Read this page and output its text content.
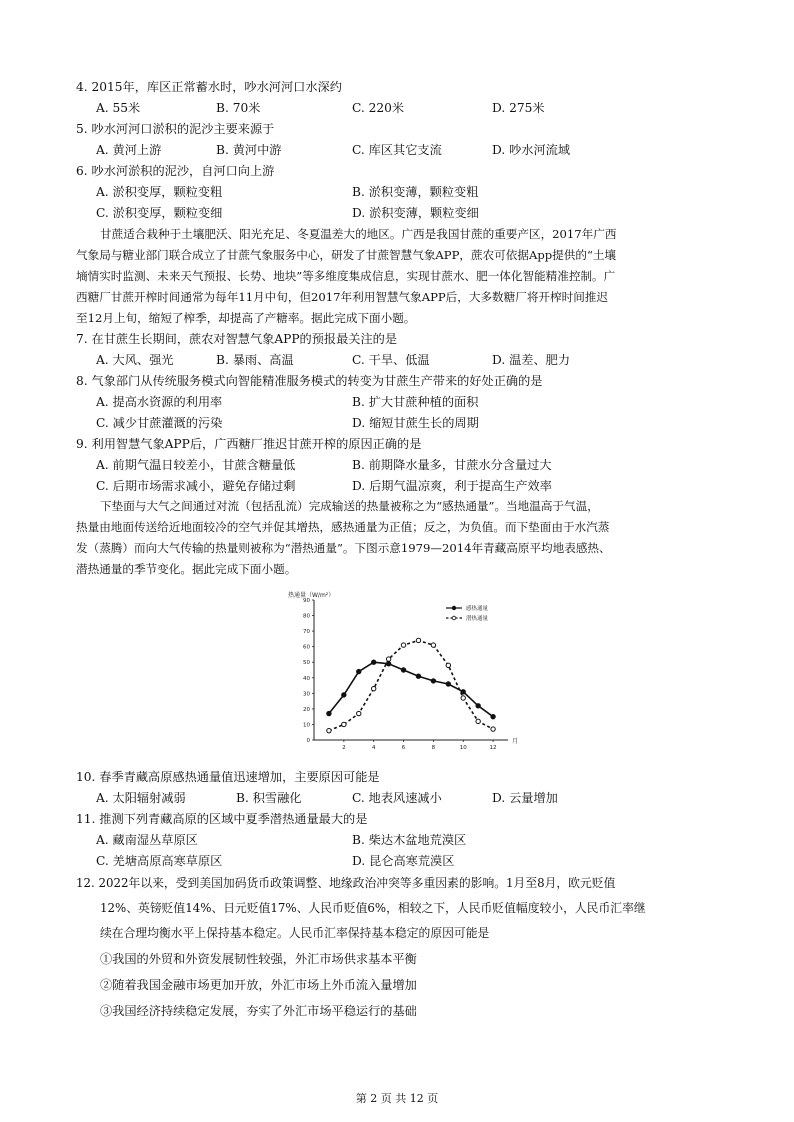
4. 2015年，库区正常蓄水时，吵水河河口水深约
A. 55米	B. 70米	C. 220米	D. 275米
5. 吵水河河口淤积的泥沙主要来源于
A. 黄河上游	B. 黄河中游	C. 库区其它支流	D. 吵水河流域
6. 吵水河淤积的泥沙，自河口向上游
A. 淤积变厚，颗粒变粗	B. 淤积变薄，颗粒变粗
C. 淤积变厚，颗粒变细	D. 淤积变薄，颗粒变细

甘蔗适合栽种于土壤肥沃、阳光充足、冬夏温差大的地区。广西是我国甘蔗的重要产区，2017年广西

气象局与糖业部门联合成立了甘蔗气象服务中心，研发了甘蔗智慧气象APP，蔗农可依据App提供的“土壤

墒情实时监测、未来天气预报、长势、地块”等多维度集成信息，实现甘蔗水、肥一体化智能精准控制。广

西糖厂甘蔗开榨时间通常为每年11月中旬，但2017年利用智慧气象APP后，大多数糖厂将开榨时间推迟

至12月上旬，缩短了榨季，却提高了产糖率。据此完成下面小题。

7. 在甘蔗生长期间，蔗农对智慧气象APP的预报最关注的是
A. 大风、强光	B. 暴雨、高温	C. 干旱、低温	D. 温差、肥力
8. 气象部门从传统服务模式向智能精准服务模式的转变为甘蔗生产带来的好处正确的是
A. 提高水资源的利用率	B. 扩大甘蔗种植的面积
C. 减少甘蔗灌溉的污染	D. 缩短甘蔗生长的周期
9. 利用智慧气象APP后，广西糖厂推迟甘蔗开榨的原因正确的是
A. 前期气温日较差小，甘蔗含糖量低	B. 前期降水量多，甘蔗水分含量过大
C. 后期市场需求减小，避免存储过剩	D. 后期气温凉爽，利于提高生产效率

下垫面与大气之间通过对流（包括乱流）完成输送的热量被称之为“感热通量”。当地温高于气温，

热量由地面传送给近地面较冷的空气并促其增热，感热通量为正值；反之，为负值。而下垫面由于水汽蒸

发（蒸腾）而向大气传输的热量则被称为“潜热通量”。下图示意1979—2014年青藏高原平均地表感热、

潜热通量的季节变化。据此完成下面小题。

热通量（W/m²）
月
0
10
20
30
40
50
60
70
80
90
2	4	6	8	10	12
感热通量
潜热通量
10. 春季青藏高原感热通量值迅速增加，主要原因可能是
A. 太阳辐射减弱	B. 积雪融化	C. 地表风速减小	D. 云量增加
11. 推测下列青藏高原的区域中夏季潜热通量最大的是
A. 藏南湿丛草原区	B. 柴达木盆地荒漠区
C. 羌塘高原高寒草原区	D. 昆仑高寒荒漠区
12. 2022年以来，受到美国加码货币政策调整、地缘政治冲突等多重因素的影响。1月至8月，欧元贬值
12%、英镑贬值14%、日元贬值17%、人民币贬值6%，相较之下，人民币贬值幅度较小，人民币汇率继
续在合理均衡水平上保持基本稳定。人民币汇率保持基本稳定的原因可能是
①我国的外贸和外资发展韧性较强，外汇市场供求基本平衡
②随着我国金融市场更加开放，外汇市场上外币流入量增加
③我国经济持续稳定发展，夯实了外汇市场平稳运行的基础
第 2 页 共 12 页
